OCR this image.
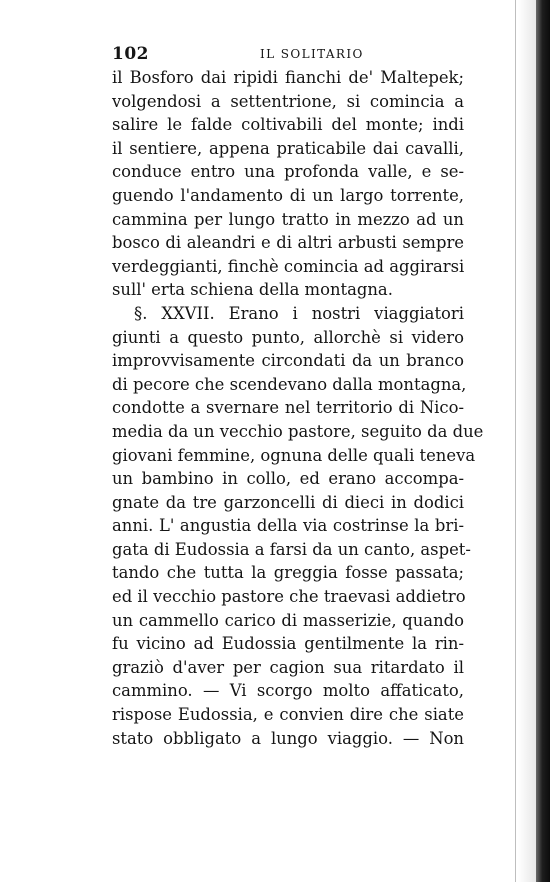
102	IL SOLITARIO
il Bosforo dai ripidi fianchi de' Maltepek;
volgendosi a settentrione, si comincia a
salire le falde coltivabili del monte; indi
il sentiere, appena praticabile dai cavalli,
conduce entro una profonda valle, e se-
guendo l'andamento di un largo torrente,
cammina per lungo tratto in mezzo ad un
bosco di aleandri e di altri arbusti sempre
verdeggianti, finchè comincia ad aggirarsi
sull' erta schiena della montagna.
§. XXVII. Erano i nostri viaggiatori
giunti a questo punto, allorchè si videro
improvvisamente circondati da un branco
di pecore che scendevano dalla montagna,
condotte a svernare nel territorio di Nico-
media da un vecchio pastore, seguito da due
giovani femmine, ognuna delle quali teneva
un bambino in collo, ed erano accompa-
gnate da tre garzoncelli di dieci in dodici
anni. L' angustia della via costrinse la bri-
gata di Eudossia a farsi da un canto, aspet-
tando che tutta la greggia fosse passata;
ed il vecchio pastore che traevasi addietro
un cammello carico di masserizie, quando
fu vicino ad Eudossia gentilmente la rin-
graziò d'aver per cagion sua ritardato il
cammino. — Vi scorgo molto affaticato,
rispose Eudossia, e convien dire che siate
stato obbligato a lungo viaggio. — Non
